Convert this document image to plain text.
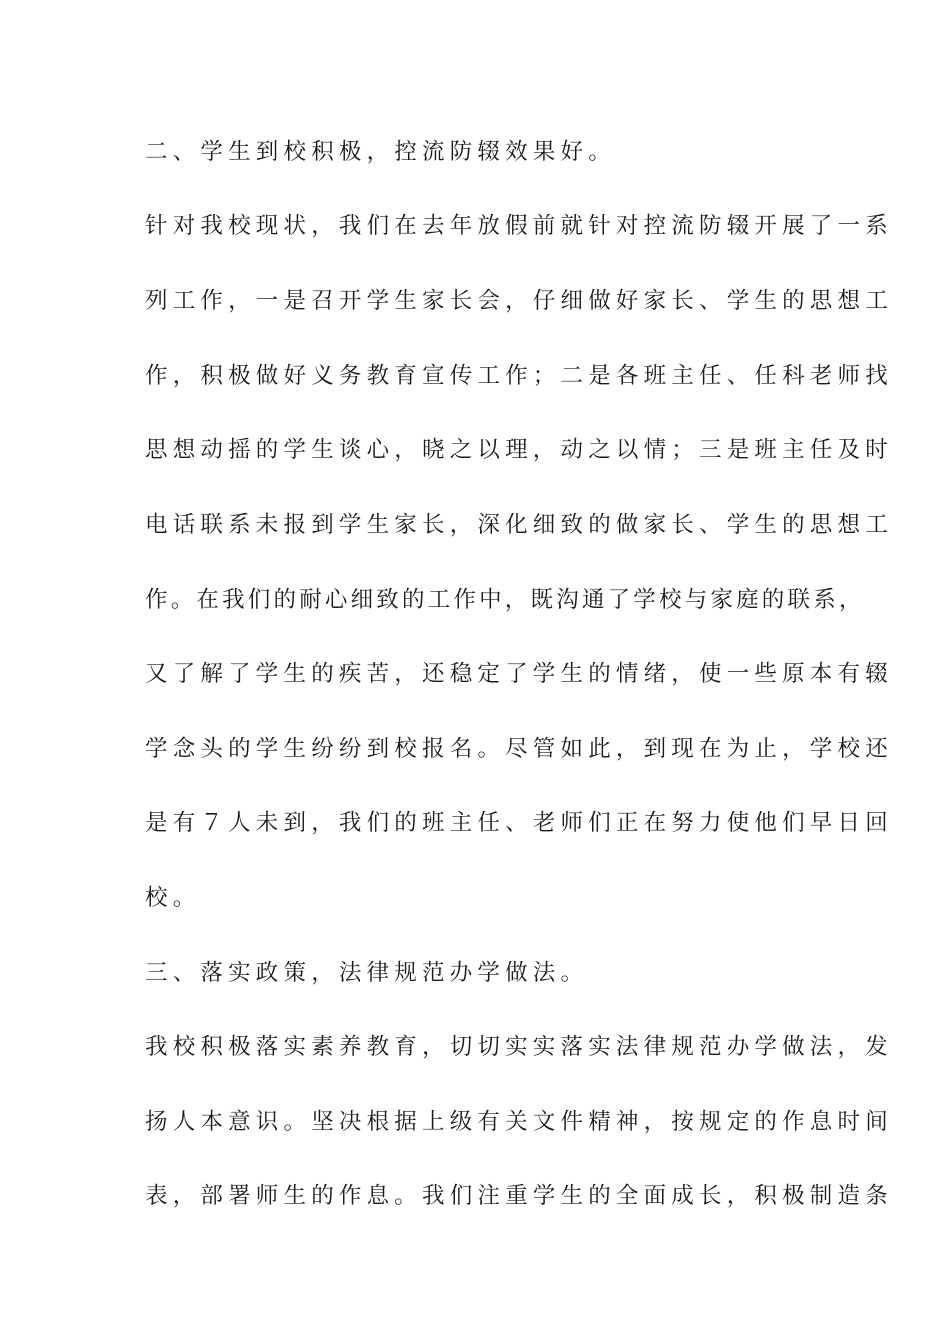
二、学生到校积极，控流防辍效果好。

针对我校现状，我们在去年放假前就针对控流防辍开展了一系

列工作，一是召开学生家长会，仔细做好家长、学生的思想工

作，积极做好义务教育宣传工作；二是各班主任、任科老师找

思想动摇的学生谈心，晓之以理，动之以情；三是班主任及时

电话联系未报到学生家长，深化细致的做家长、学生的思想工

作。在我们的耐心细致的工作中，既沟通了学校与家庭的联系，

又了解了学生的疾苦，还稳定了学生的情绪，使一些原本有辍

学念头的学生纷纷到校报名。尽管如此，到现在为止，学校还

是有７人未到，我们的班主任、老师们正在努力使他们早日回

校。

三、落实政策，法律规范办学做法。

我校积极落实素养教育，切切实实落实法律规范办学做法，发

扬人本意识。坚决根据上级有关文件精神，按规定的作息时间

表，部署师生的作息。我们注重学生的全面成长，积极制造条
